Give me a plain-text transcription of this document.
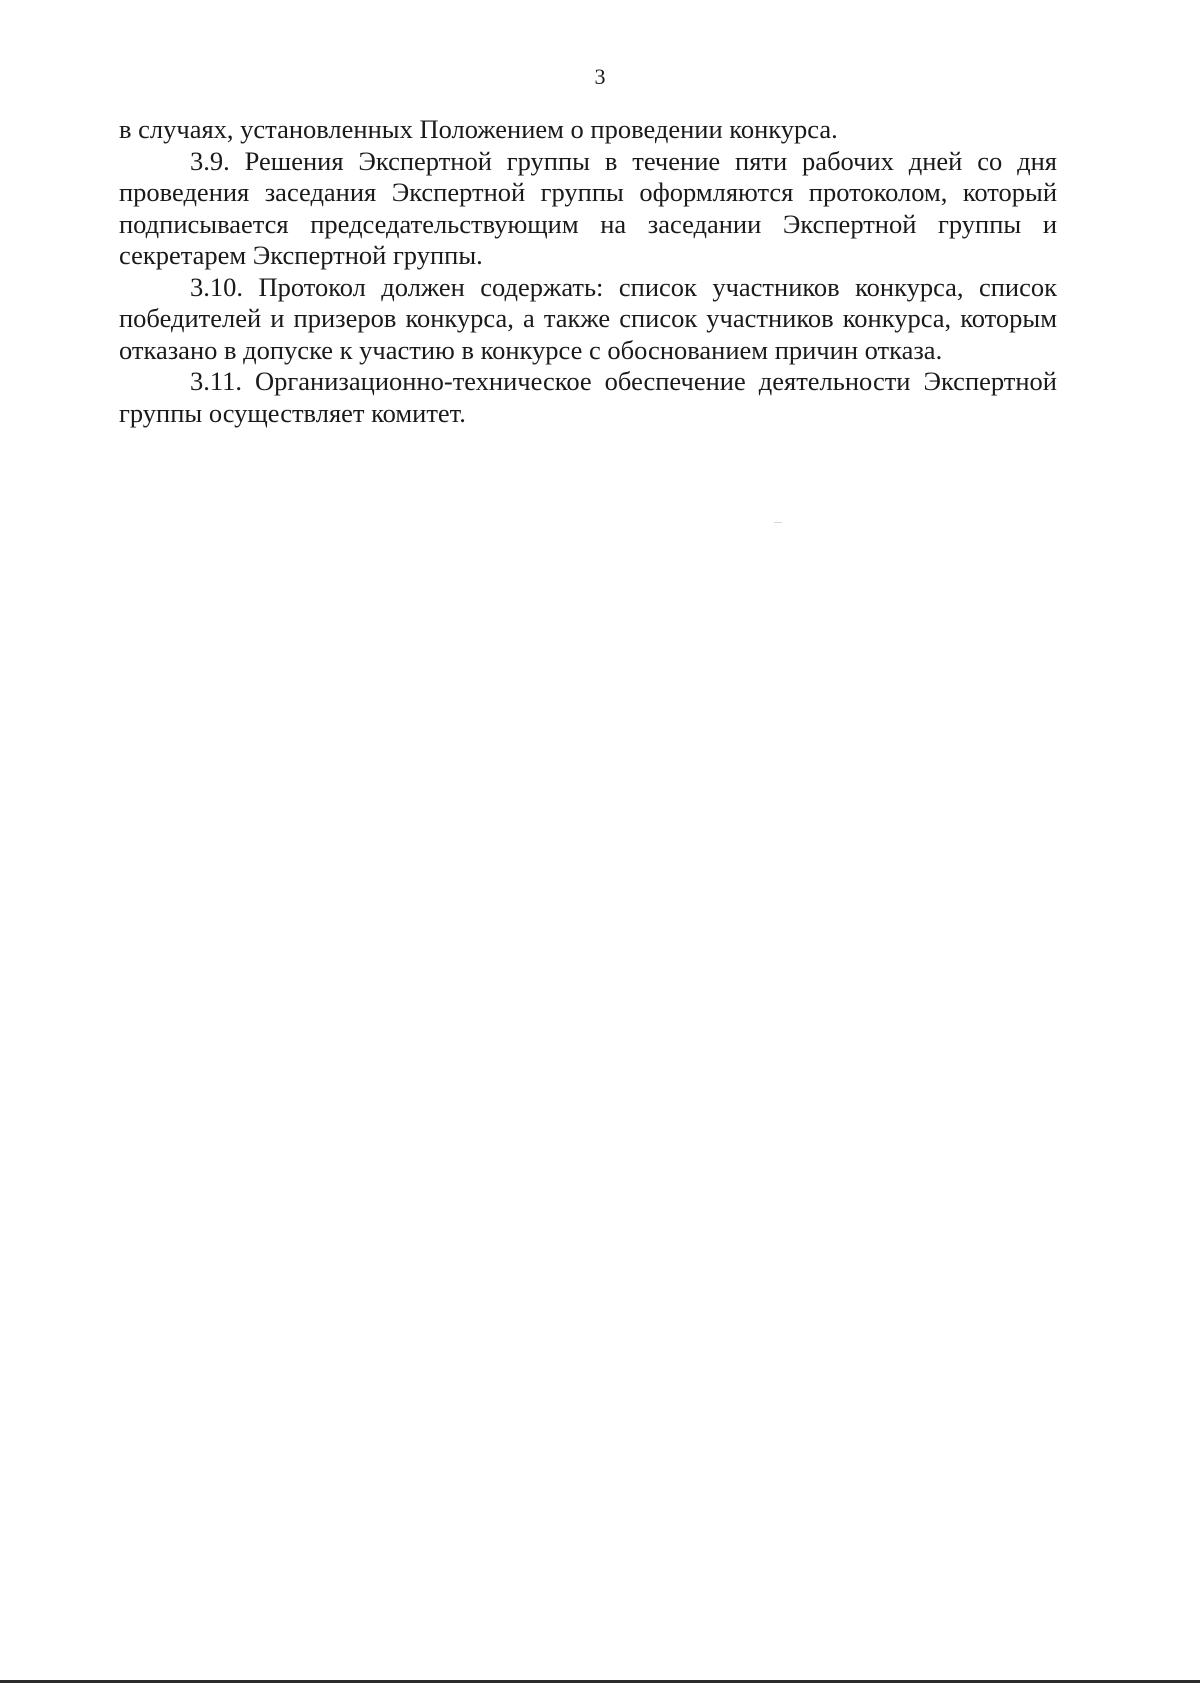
3

в случаях, установленных Положением о проведении конкурса.

3.9. Решения Экспертной группы в течение пяти рабочих дней со дня проведения заседания Экспертной группы оформляются протоколом, который подписывается председательствующим на заседании Экспертной группы и секретарем Экспертной группы.

3.10. Протокол должен содержать: список участников конкурса, список победителей и призеров конкурса, а также список участников конкурса, которым отказано в допуске к участию в конкурсе с обоснованием причин отказа.

3.11. Организационно-техническое обеспечение деятельности Экспертной группы осуществляет комитет.
